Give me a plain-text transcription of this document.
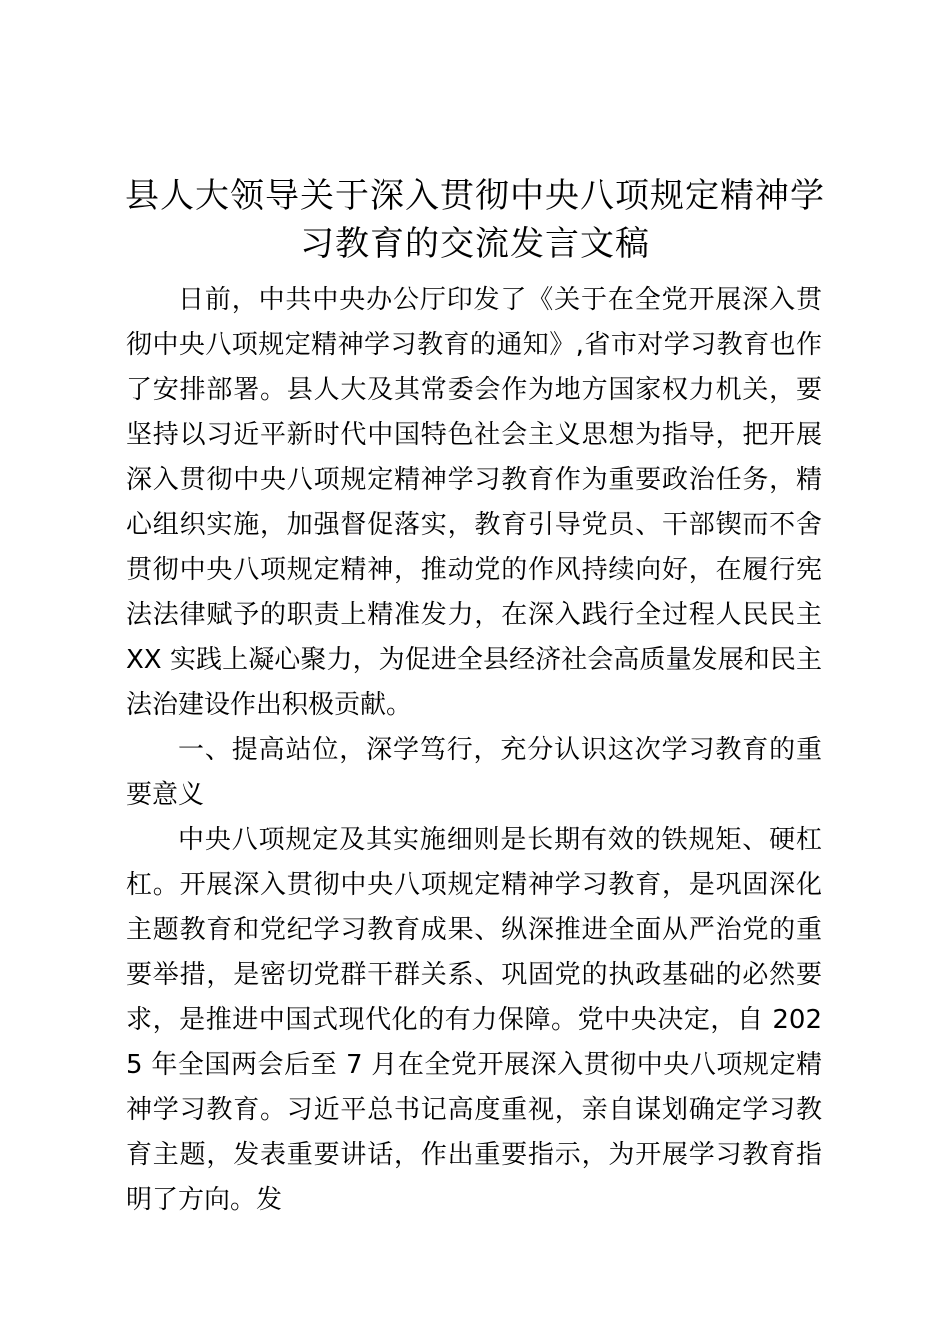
县人大领导关于深入贯彻中央八项规定精神学习教育的交流发言文稿

日前，中共中央办公厅印发了《关于在全党开展深入贯彻中央八项规定精神学习教育的通知》,省市对学习教育也作了安排部署。县人大及其常委会作为地方国家权力机关，要坚持以习近平新时代中国特色社会主义思想为指导，把开展深入贯彻中央八项规定精神学习教育作为重要政治任务，精心组织实施，加强督促落实，教育引导党员、干部锲而不舍贯彻中央八项规定精神，推动党的作风持续向好，在履行宪法法律赋予的职责上精准发力，在深入践行全过程人民民主 XX 实践上凝心聚力，为促进全县经济社会高质量发展和民主法治建设作出积极贡献。

一、提高站位，深学笃行，充分认识这次学习教育的重要意义

中央八项规定及其实施细则是长期有效的铁规矩、硬杠杠。开展深入贯彻中央八项规定精神学习教育，是巩固深化主题教育和党纪学习教育成果、纵深推进全面从严治党的重要举措，是密切党群干群关系、巩固党的执政基础的必然要求，是推进中国式现代化的有力保障。党中央决定，自 2025 年全国两会后至 7 月在全党开展深入贯彻中央八项规定精神学习教育。习近平总书记高度重视，亲自谋划确定学习教育主题，发表重要讲话，作出重要指示，为开展学习教育指明了方向。发
